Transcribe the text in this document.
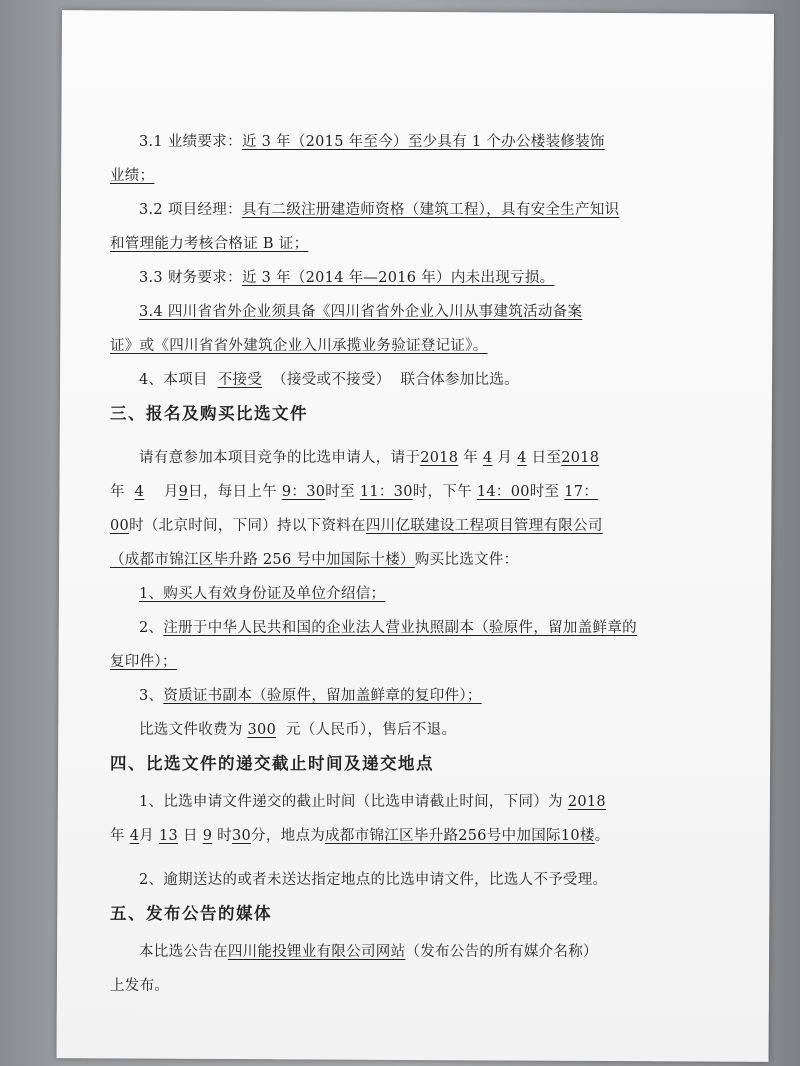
3.1 业绩要求：近 3 年（2015 年至今）至少具有 1 个办公楼装修装饰
业绩；
3.2 项目经理：具有二级注册建造师资格（建筑工程），具有安全生产知识
和管理能力考核合格证 B 证；
3.3 财务要求：近 3 年（2014 年—2016 年）内未出现亏损。
3.4 四川省省外企业须具备《四川省省外企业入川从事建筑活动备案
证》或《四川省省外建筑企业入川承揽业务验证登记证》。
4、本项目 不接受 （接受或不接受） 联合体参加比选。
三、报名及购买比选文件
请有意参加本项目竞争的比选申请人，请于2018 年 4 月 4 日至2018
年 4 月9日，每日上午 9：30时至 11：30时，下午 14：00时至 17：
00时（北京时间，下同）持以下资料在四川亿联建设工程项目管理有限公司
（成都市锦江区毕升路 256 号中加国际十楼）购买比选文件：
1、购买人有效身份证及单位介绍信；
2、注册于中华人民共和国的企业法人营业执照副本（验原件，留加盖鲜章的
复印件）；
3、资质证书副本（验原件，留加盖鲜章的复印件）；
比选文件收费为 300 元（人民币），售后不退。
四、比选文件的递交截止时间及递交地点
1、比选申请文件递交的截止时间（比选申请截止时间，下同）为 2018
年 4月 13 日 9 时30分，地点为成都市锦江区毕升路256号中加国际10楼。
2、逾期送达的或者未送达指定地点的比选申请文件，比选人不予受理。
五、发布公告的媒体
本比选公告在四川能投锂业有限公司网站（发布公告的所有媒介名称）
上发布。
